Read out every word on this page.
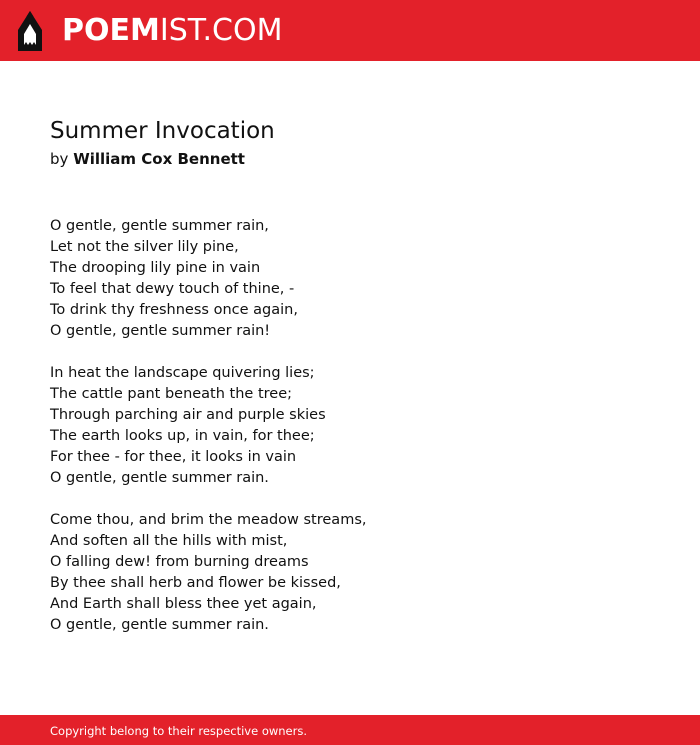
POEMIST.COM
Summer Invocation
by William Cox Bennett
O gentle, gentle summer rain,
Let not the silver lily pine,
The drooping lily pine in vain
To feel that dewy touch of thine, -
To drink thy freshness once again,
O gentle, gentle summer rain!
In heat the landscape quivering lies;
The cattle pant beneath the tree;
Through parching air and purple skies
The earth looks up, in vain, for thee;
For thee - for thee, it looks in vain
O gentle, gentle summer rain.
Come thou, and brim the meadow streams,
And soften all the hills with mist,
O falling dew! from burning dreams
By thee shall herb and flower be kissed,
And Earth shall bless thee yet again,
O gentle, gentle summer rain.
Copyright belong to their respective owners.
